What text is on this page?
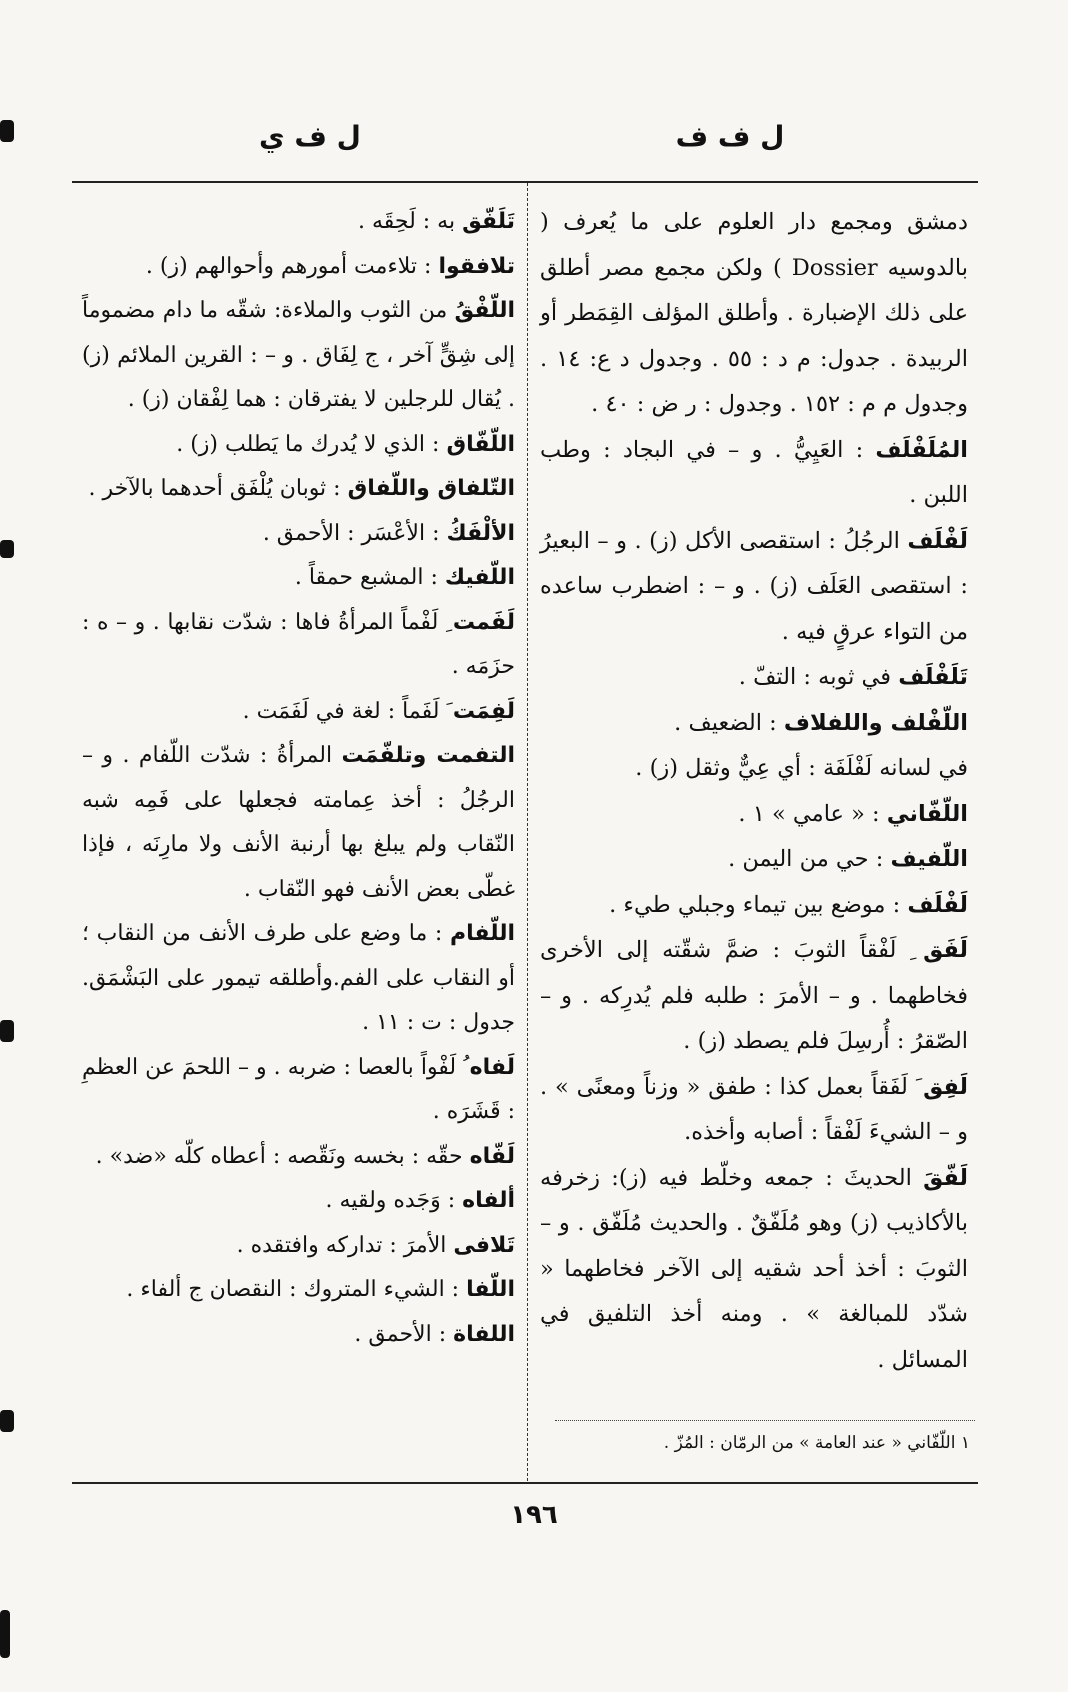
ل ف ف
ل ف ي

دمشق ومجمع دار العلوم على ما يُعرف ( بالدوسيه Dossier ) ولكن مجمع مصر أطلق على ذلك الإضبارة . وأطلق المؤلف القِمَطر أو الربيدة . جدول: م د : ٥٥ . وجدول د ع: ١٤ . وجدول م م : ١٥٢ . وجدول : ر ض : ٤٠ .

المُلَفْلَف : العَيِيُّ . و – في البجاد : وطب اللبن .

لَفْلَف الرجُلُ : استقصى الأكل (ز) . و – البعيرُ : استقصى العَلَف (ز) . و – : اضطرب ساعده من التواء عرقٍ فيه .

تَلَفْلَف في ثوبه : التفّ .

اللّفْلف واللفلاف : الضعيف .

في لسانه لَفْلَفَة : أي عِيٌّ وثقل (ز) .

اللّفّاني : « عامي » ١ .

اللّفيف : حي من اليمن .

لَفْلَف : موضع بين تيماء وجبلي طيء .

لَفَق ِ لَفْقاً الثوبَ : ضمَّ شقّته إلى الأخرى فخاطهما . و – الأمرَ : طلبه فلم يُدرِكه . و – الصّقرُ : أُرسِلَ فلم يصطد (ز) .

لَفِق َ لَفَقاً بعمل كذا : طفق « وزناً ومعنًى » . و – الشيءَ لَفْقاً : أصابه وأخذه.

لَفّقَ الحديثَ : جمعه وخلّط فيه (ز): زخرفه بالأكاذيب (ز) وهو مُلَفّقٌ . والحديث مُلَفّق . و – الثوبَ : أخذ أحد شقيه إلى الآخر فخاطهما « شدّد للمبالغة » . ومنه أخذ التلفيق في المسائل .

تَلَفّق به : لَحِقَه .

تلافقوا : تلاءمت أمورهم وأحوالهم (ز) .

اللّفْقُ من الثوب والملاءة: شقّه ما دام مضموماً إلى شِقٍّ آخر ، ج لِفَاق . و – : القرين الملائم (ز) . يُقال للرجلين لا يفترقان : هما لِفْقان (ز) .

اللّفّاق : الذي لا يُدرك ما يَطلب (ز) .

التّلفاق واللّفاق : ثوبان يُلْفَق أحدهما بالآخر .

الألْفَكُ : الأعْسَر : الأحمق .

اللّفيك : المشبع حمقاً .

لَفَمت ِ لَفْماً المرأةُ فاها : شدّت نقابها . و – ه : حزَمَه .

لَفِمَت َ لَفَماً : لغة في لَفَمَت .

التفمت وتلفّمَت المرأةُ : شدّت اللّفام . و – الرجُلُ : أخذ عِمامته فجعلها على فَمِه شبه النّقاب ولم يبلغ بها أرنبة الأنف ولا مارِنَه ، فإذا غطّى بعض الأنف فهو النّقاب .

اللّفام : ما وضع على طرف الأنف من النقاب ؛ أو النقاب على الفم.وأطلقه تيمور على البَشْمَق. جدول : ت : ١١ .

لَفاه ُ لَفْواً بالعصا : ضربه . و – اللحمَ عن العظمِ : قَشَرَه .

لَفّاه حقّه : بخسه ونَقّصه : أعطاه كلّه «ضد» .

ألفاه : وَجَده ولقيه .

تَلافى الأمرَ : تداركه وافتقده .

اللّفا : الشيء المتروك : النقصان ج ألفاء .

اللفاة : الأحمق .

١ اللّفّاني « عند العامة » من الرمّان : المُزّ .
١٩٦
